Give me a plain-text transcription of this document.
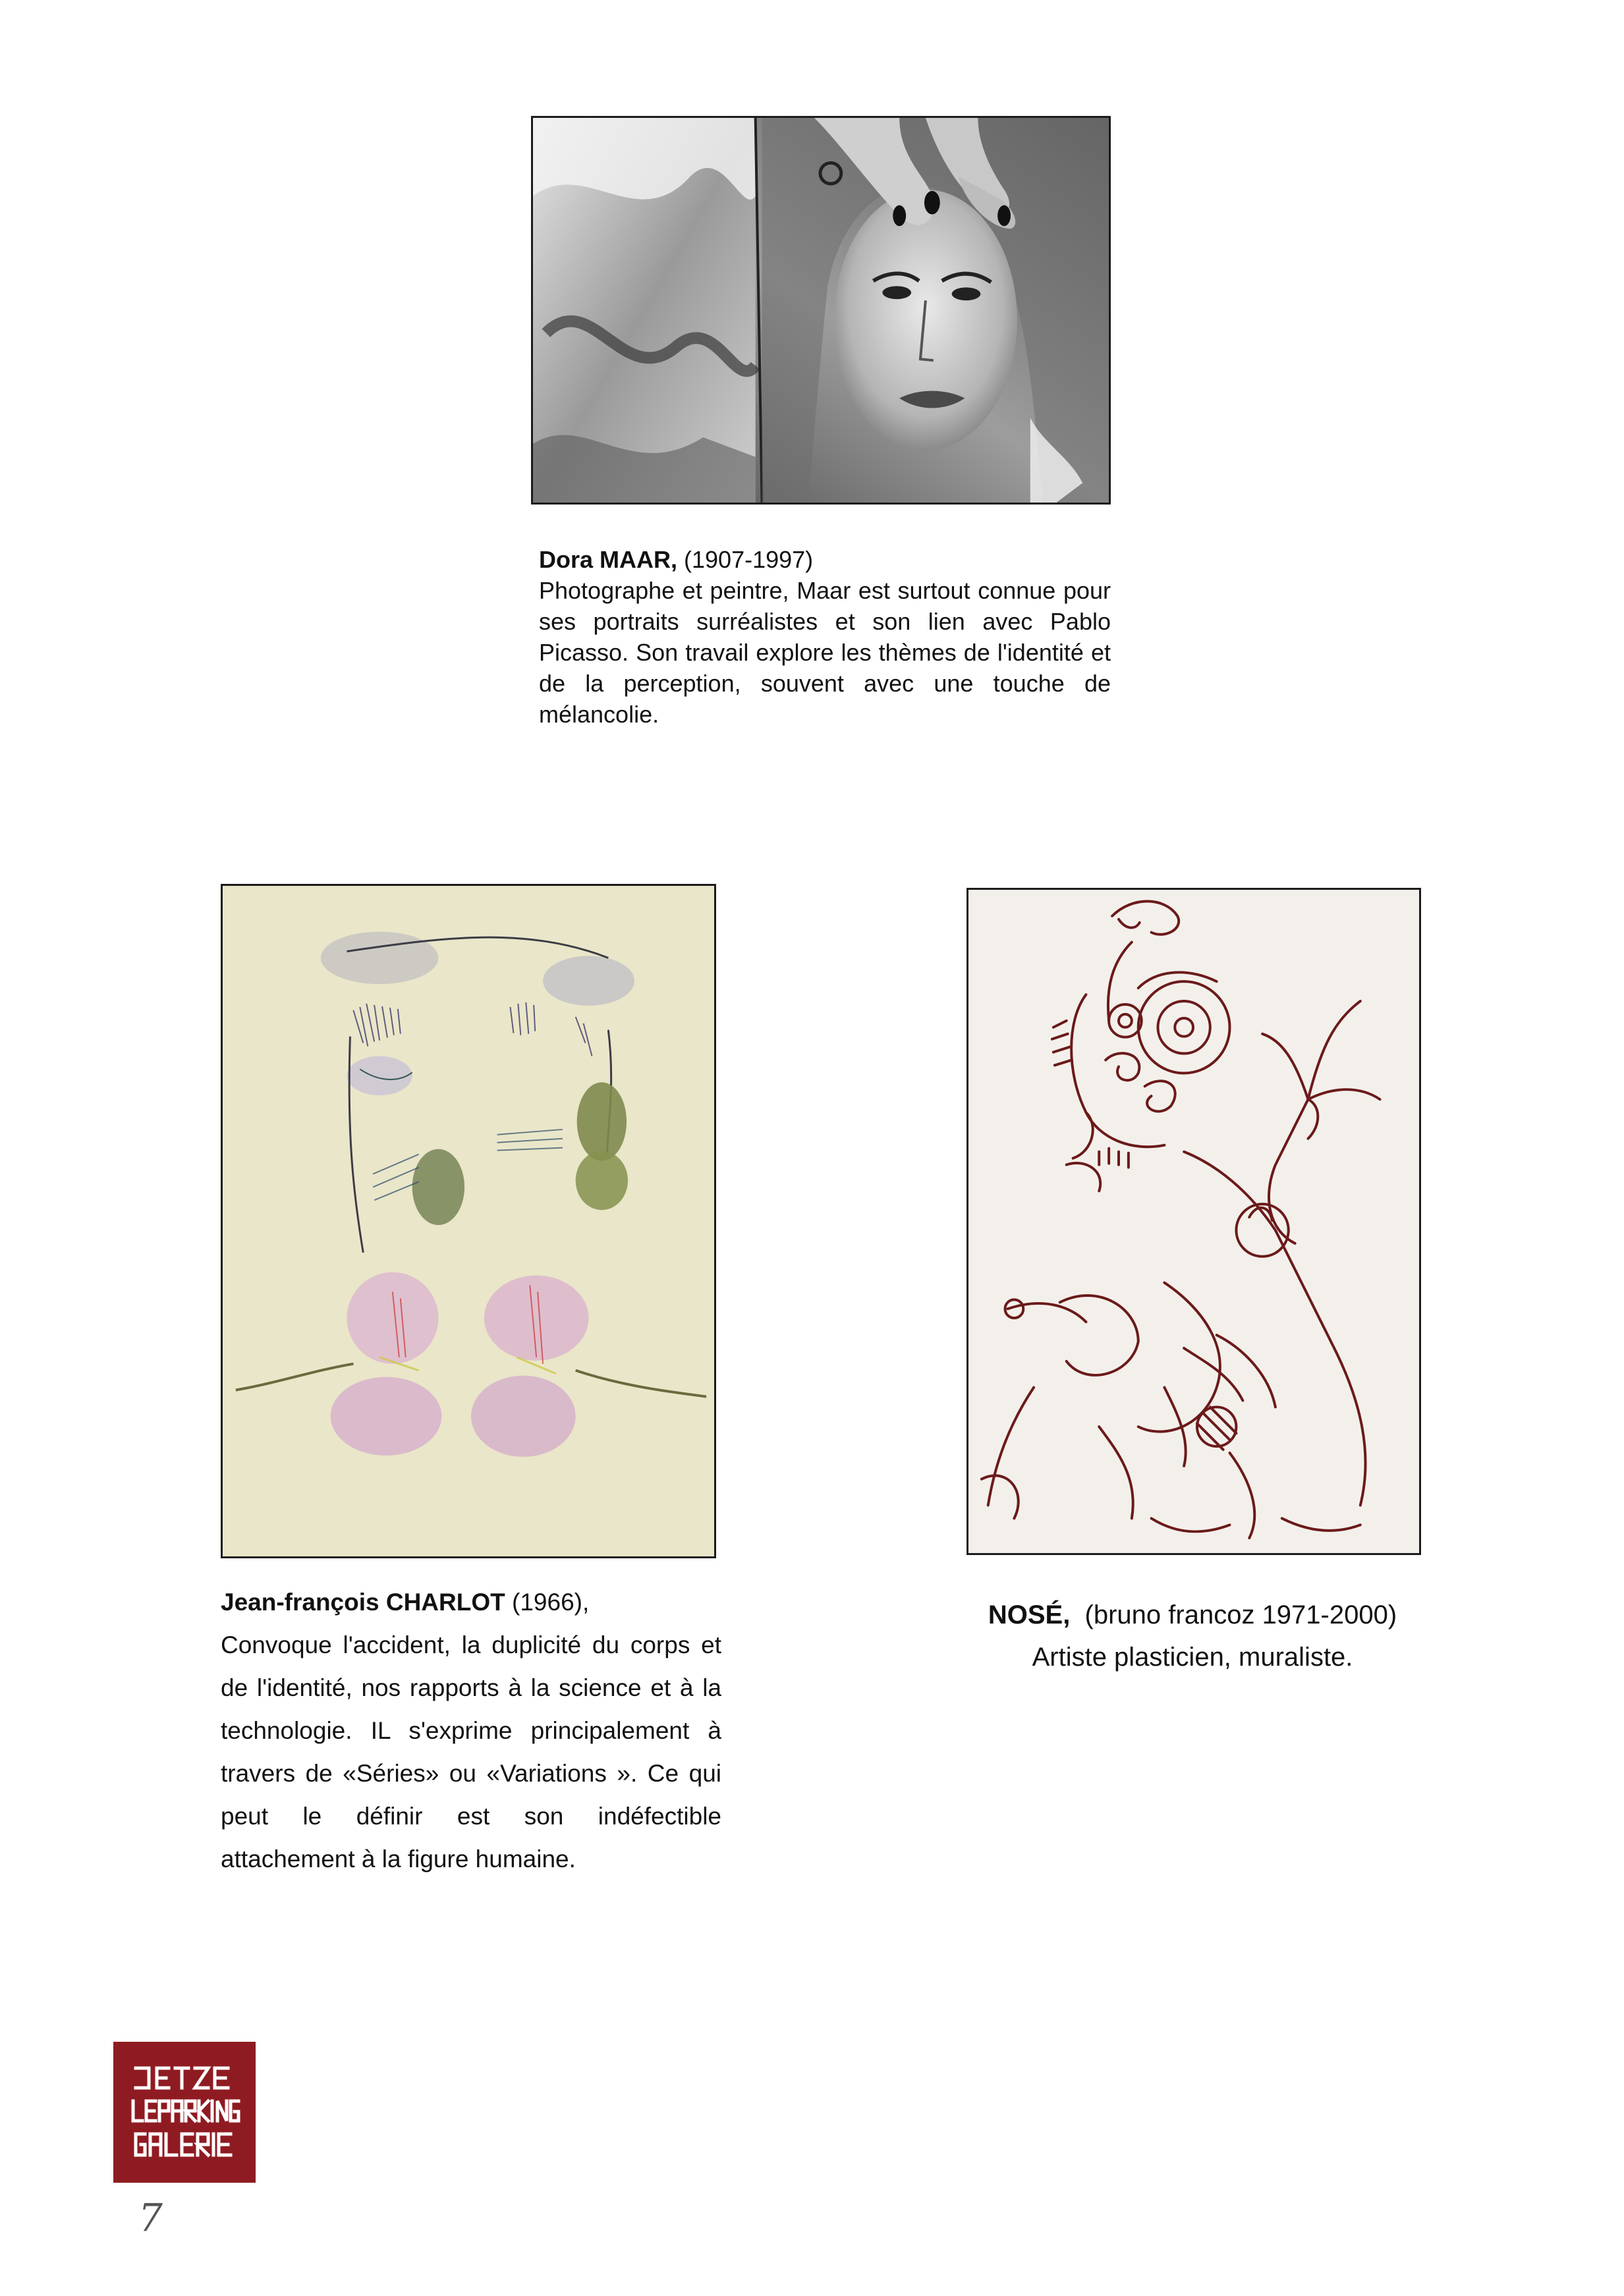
Dora MAAR, (1907-1997)

Photographe et peintre, Maar est surtout connue pour ses portraits surréalistes et son lien avec Pablo Picasso. Son travail explore les thèmes de l'identité et de la perception, souvent avec une touche de mélancolie.

Jean-françois CHARLOT (1966),

Convoque l'accident, la duplicité du corps et de l'identité, nos rapports à la science et à la technologie. IL s'exprime principalement à travers de «Séries» ou «Variations ». Ce qui peut le définir est son indéfectible attachement à la figure humaine.

NOSÉ,  (bruno francoz 1971-2000)

Artiste plasticien, muraliste.

7
